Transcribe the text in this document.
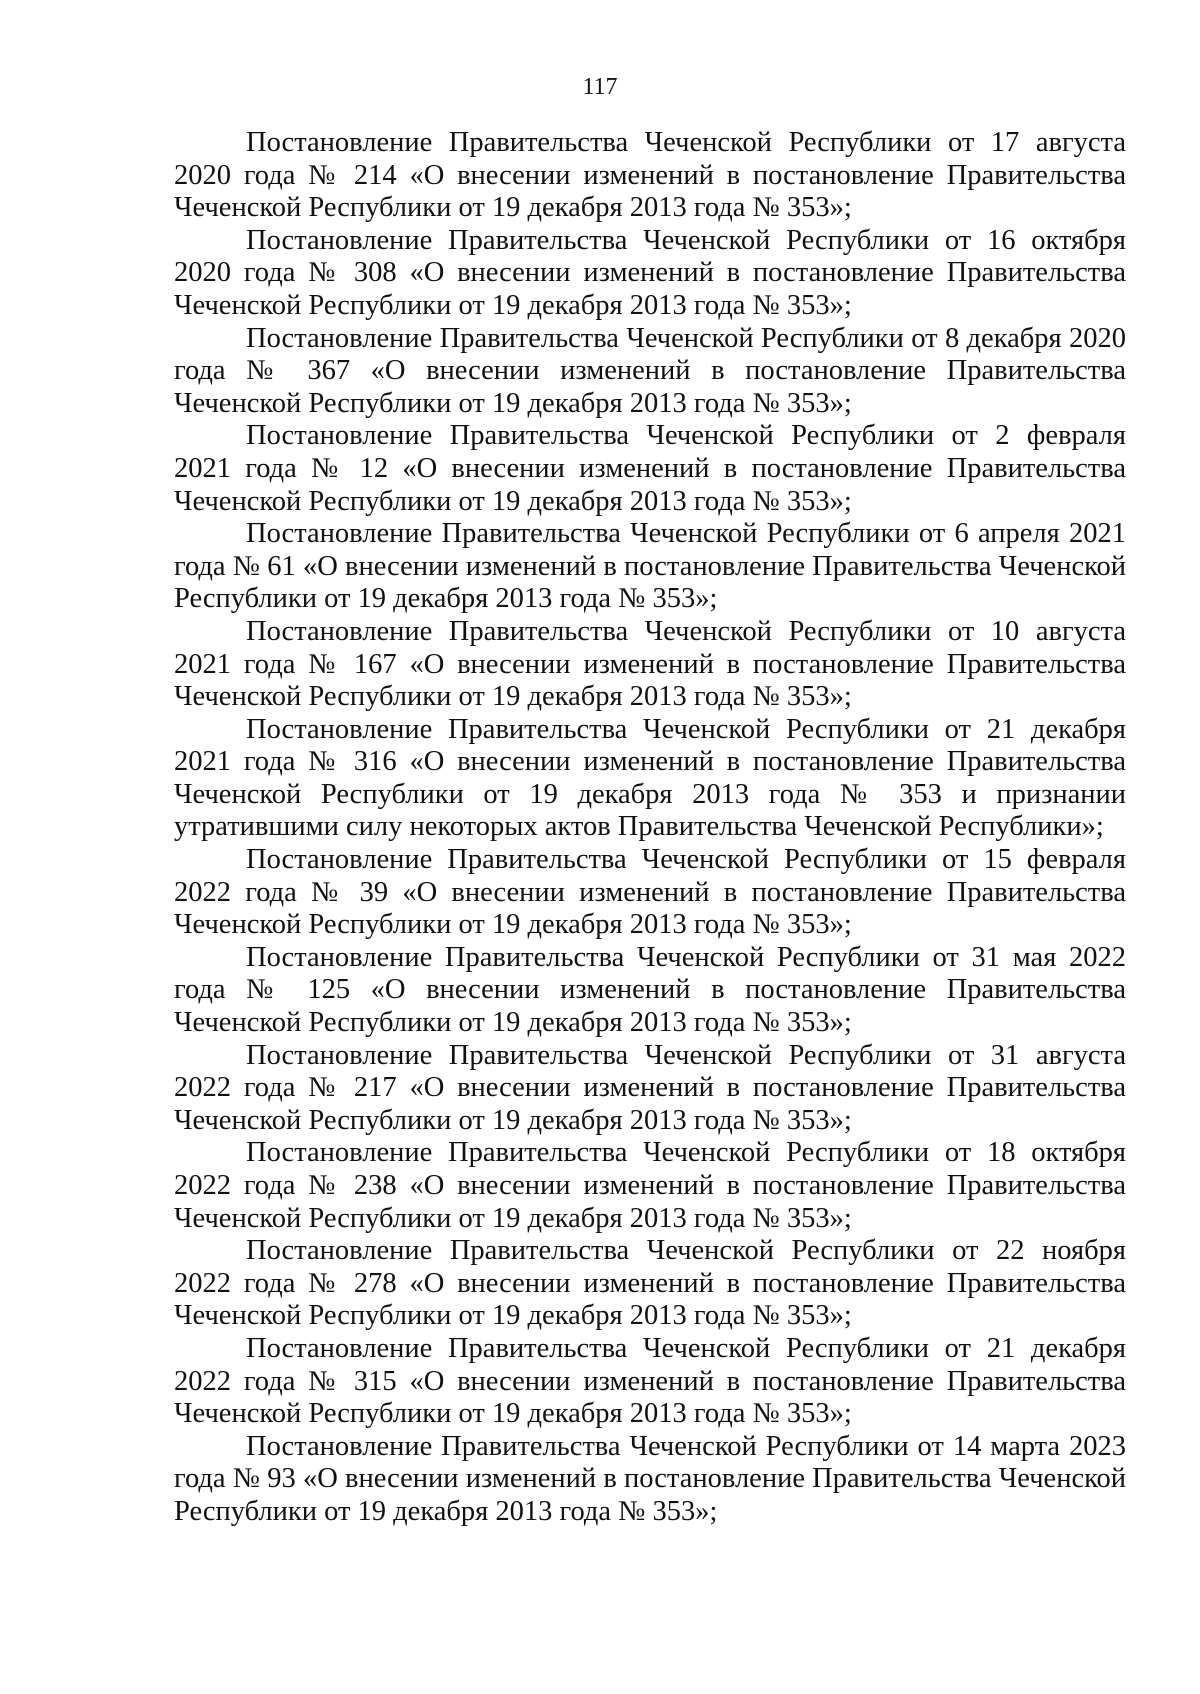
117

Постановление Правительства Чеченской Республики от 17 августа 2020 года № 214 «О внесении изменений в постановление Правительства Чеченской Республики от 19 декабря 2013 года № 353»;

Постановление Правительства Чеченской Республики от 16 октября 2020 года № 308 «О внесении изменений в постановление Правительства Чеченской Республики от 19 декабря 2013 года № 353»;

Постановление Правительства Чеченской Республики от 8 декабря 2020 года № 367 «О внесении изменений в постановление Правительства Чеченской Республики от 19 декабря 2013 года № 353»;

Постановление Правительства Чеченской Республики от 2 февраля 2021 года № 12 «О внесении изменений в постановление Правительства Чеченской Республики от 19 декабря 2013 года № 353»;

Постановление Правительства Чеченской Республики от 6 апреля 2021 года № 61 «О внесении изменений в постановление Правительства Чеченской Республики от 19 декабря 2013 года № 353»;

Постановление Правительства Чеченской Республики от 10 августа 2021 года № 167 «О внесении изменений в постановление Правительства Чеченской Республики от 19 декабря 2013 года № 353»;

Постановление Правительства Чеченской Республики от 21 декабря 2021 года № 316 «О внесении изменений в постановление Правительства Чеченской Республики от 19 декабря 2013 года № 353 и признании утратившими силу некоторых актов Правительства Чеченской Республики»;

Постановление Правительства Чеченской Республики от 15 февраля 2022 года № 39 «О внесении изменений в постановление Правительства Чеченской Республики от 19 декабря 2013 года № 353»;

Постановление Правительства Чеченской Республики от 31 мая 2022 года № 125 «О внесении изменений в постановление Правительства Чеченской Республики от 19 декабря 2013 года № 353»;

Постановление Правительства Чеченской Республики от 31 августа 2022 года № 217 «О внесении изменений в постановление Правительства Чеченской Республики от 19 декабря 2013 года № 353»;

Постановление Правительства Чеченской Республики от 18 октября 2022 года № 238 «О внесении изменений в постановление Правительства Чеченской Республики от 19 декабря 2013 года № 353»;

Постановление Правительства Чеченской Республики от 22 ноября 2022 года № 278 «О внесении изменений в постановление Правительства Чеченской Республики от 19 декабря 2013 года № 353»;

Постановление Правительства Чеченской Республики от 21 декабря 2022 года № 315 «О внесении изменений в постановление Правительства Чеченской Республики от 19 декабря 2013 года № 353»;

Постановление Правительства Чеченской Республики от 14 марта 2023 года № 93 «О внесении изменений в постановление Правительства Чеченской Республики от 19 декабря 2013 года № 353»;
